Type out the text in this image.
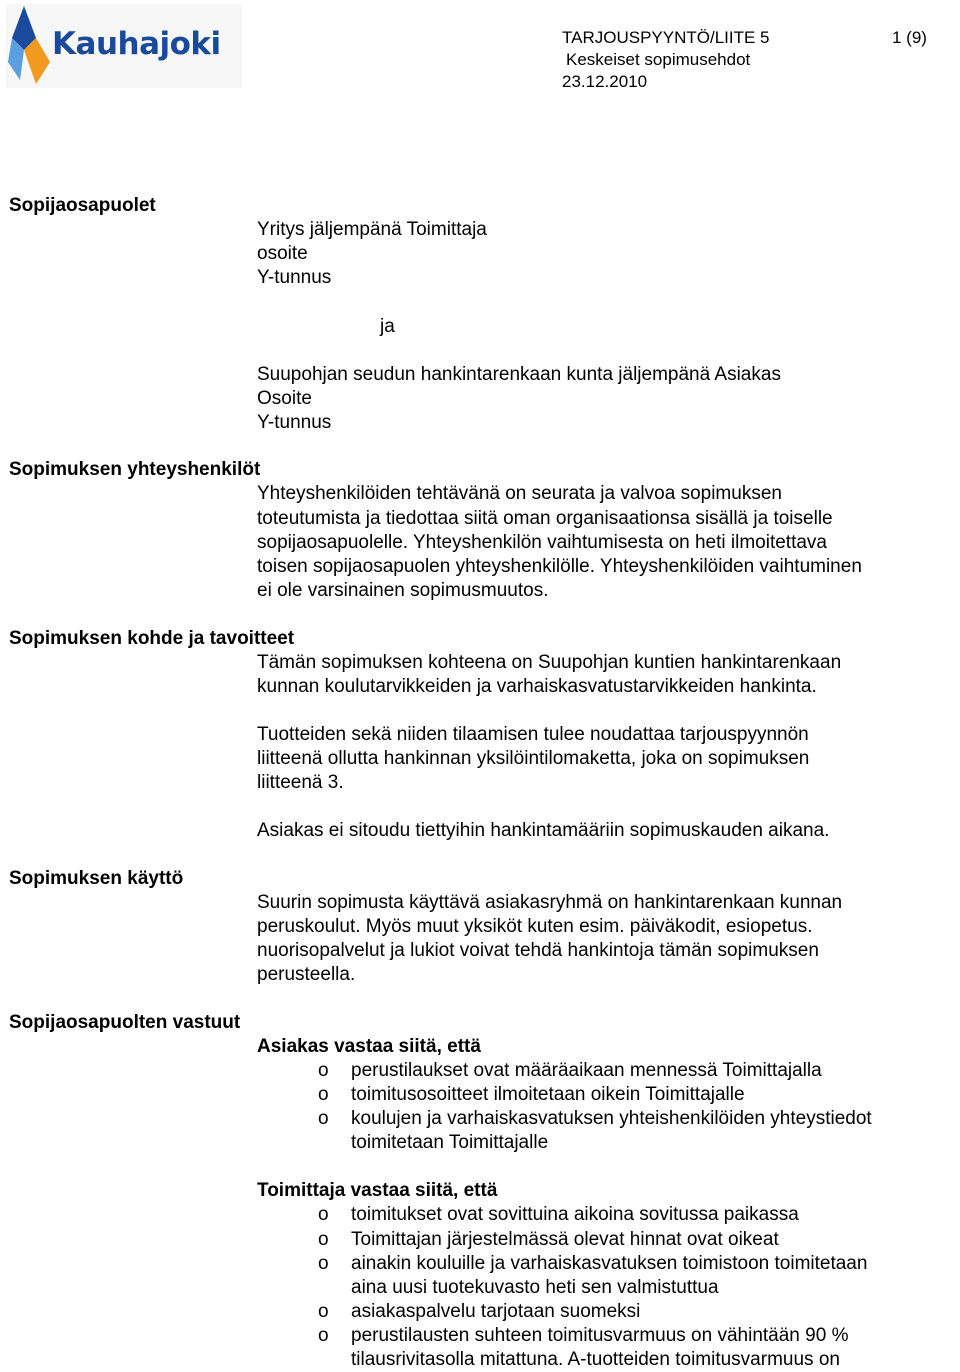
Kauhajoki	TARJOUSPYYNTÖ/LIITE 5	1 (9)
Keskeiset sopimusehdot
23.12.2010
Sopijaosapuolet
Yritys jäljempänä Toimittaja
osoite
Y-tunnus
ja
Suupohjan seudun hankintarenkaan kunta jäljempänä Asiakas
Osoite
Y-tunnus
Sopimuksen yhteyshenkilöt
Yhteyshenkilöiden tehtävänä on seurata ja valvoa sopimuksen
toteutumista ja tiedottaa siitä oman organisaationsa sisällä ja toiselle
sopijaosapuolelle. Yhteyshenkilön vaihtumisesta on heti ilmoitettava
toisen sopijaosapuolen yhteyshenkilölle. Yhteyshenkilöiden vaihtuminen
ei ole varsinainen sopimusmuutos.
Sopimuksen kohde ja tavoitteet
Tämän sopimuksen kohteena on Suupohjan kuntien hankintarenkaan
kunnan koulutarvikkeiden ja varhaiskasvatustarvikkeiden hankinta.
Tuotteiden sekä niiden tilaamisen tulee noudattaa tarjouspyynnön
liitteenä ollutta hankinnan yksilöintilomaketta, joka on sopimuksen
liitteenä 3.
Asiakas ei sitoudu tiettyihin hankintamääriin sopimuskauden aikana.
Sopimuksen käyttö
Suurin sopimusta käyttävä asiakasryhmä on hankintarenkaan kunnan
peruskoulut. Myös muut yksiköt kuten esim. päiväkodit, esiopetus.
nuorisopalvelut ja lukiot voivat tehdä hankintoja tämän sopimuksen
perusteella.
Sopijaosapuolten vastuut
Asiakas vastaa siitä, että
o perustilaukset ovat määräaikaan mennessä Toimittajalla
o toimitusosoitteet ilmoitetaan oikein Toimittajalle
o koulujen ja varhaiskasvatuksen yhteishenkilöiden yhteystiedot
toimitetaan Toimittajalle
Toimittaja vastaa siitä, että
o toimitukset ovat sovittuina aikoina sovitussa paikassa
o Toimittajan järjestelmässä olevat hinnat ovat oikeat
o ainakin kouluille ja varhaiskasvatuksen toimistoon toimitetaan
aina uusi tuotekuvasto heti sen valmistuttua
o asiakaspalvelu tarjotaan suomeksi
o perustilausten suhteen toimitusvarmuus on vähintään 90 %
tilausrivitasolla mitattuna. A-tuotteiden toimitusvarmuus on
